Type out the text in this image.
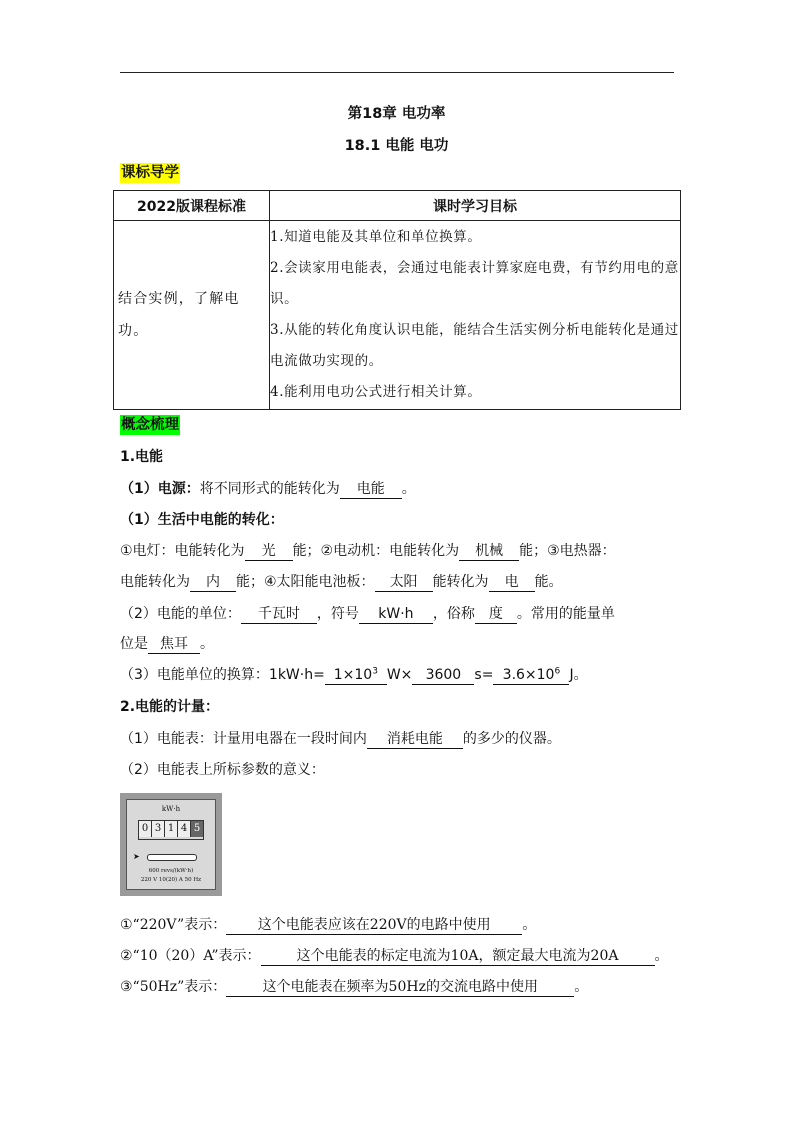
第18章 电功率
18.1 电能 电功
课标导学
2022版课程标准	课时学习目标

结合实例，了解电功。	1.知道电能及其单位和单位换算。
2.会读家用电能表，会通过电能表计算家庭电费，有节约用电的意识。
3.从能的转化角度认识电能，能结合生活实例分析电能转化是通过电流做功实现的。
4.能利用电功公式进行相关计算。
概念梳理
1.电能
（1）电源：将不同形式的能转化为 电能 。
（1）生活中电能的转化：
①电灯：电能转化为 光 能；②电动机：电能转化为 机械 能；③电热器：
电能转化为 内 能；④太阳能电池板： 太阳 能转化为 电 能。
（2）电能的单位： 千瓦时 ，符号 kW·h ，俗称 度 。常用的能量单
位是 焦耳 。
（3）电能单位的换算：$1kW\cdot h= 1\times 10^3$ W× 3600 $s= 3.6\times 10^6$ J。
2.电能的计量：
（1）电能表：计量用电器在一段时间内 消耗电能 的多少的仪器。
（2）电能表上所标参数的意义：
kW·h
0 3 1 4 5
➤
600 revs/(kW·h)
220 V 10(20) A 50 Hz
①“220V”表示： 这个电能表应该在220V的电路中使用 。
②“10（20）A”表示：	这个电能表的标定电流为10A，额定最大电流为20A	。
③“50Hz”表示：	这个电能表在频率为50Hz的交流电路中使用	。
